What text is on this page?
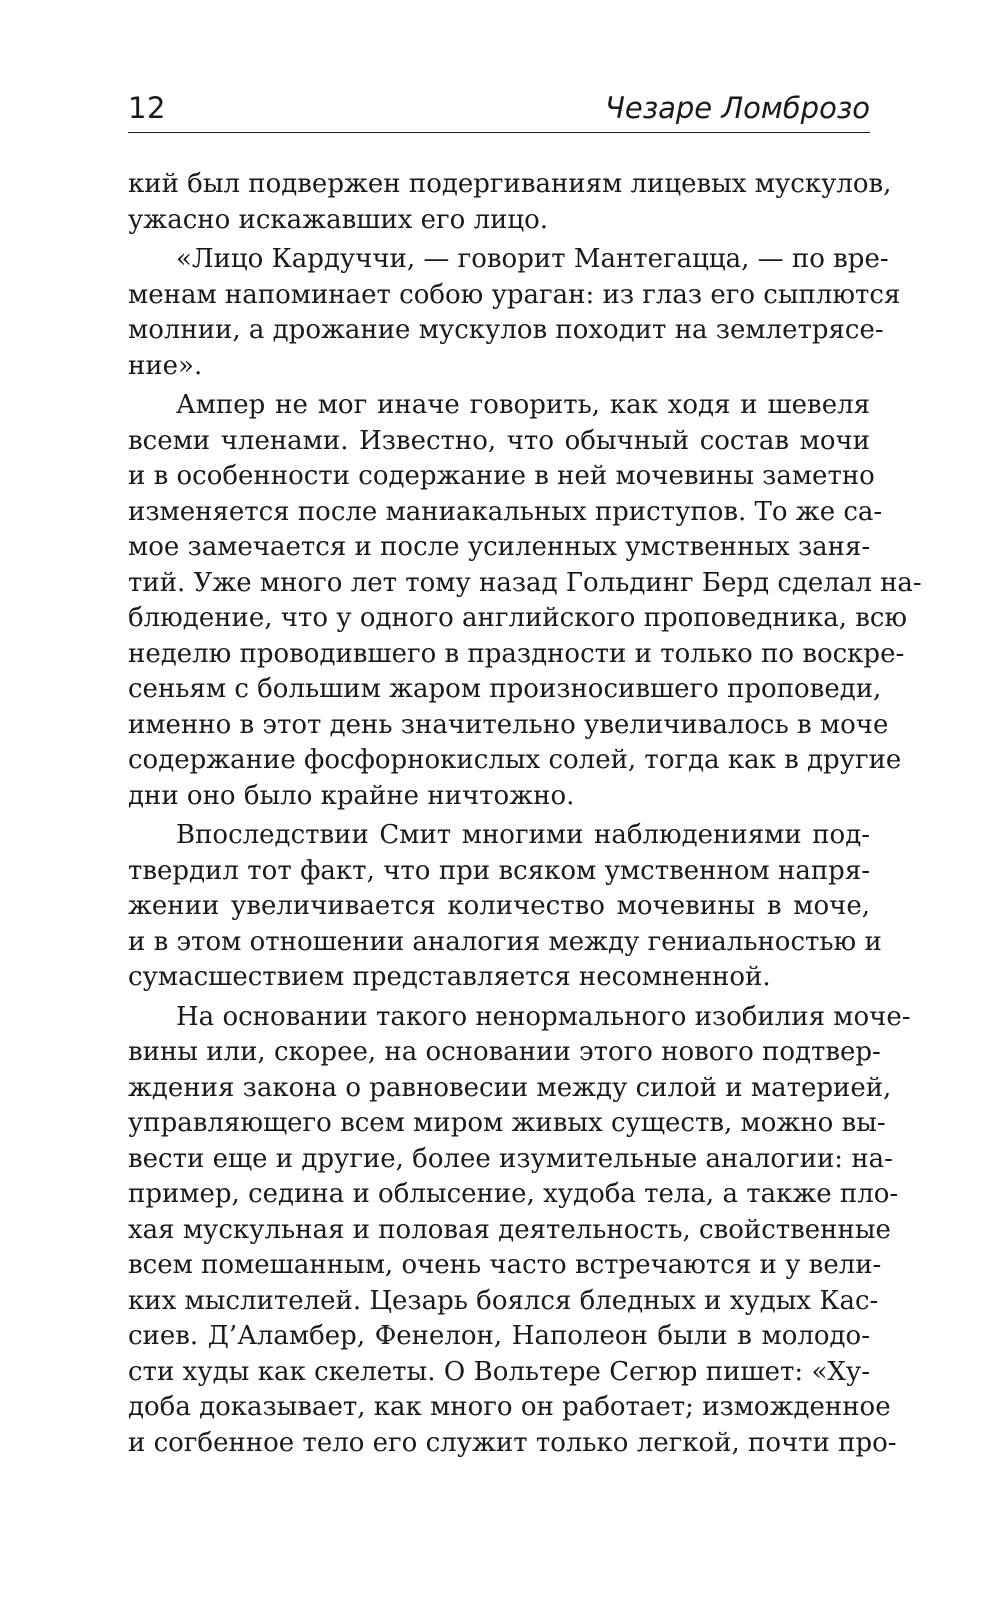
12	Чезаре Ломброзо
кий был подвержен подергиваниям лицевых мускулов,
ужасно искажавших его лицо.
«Лицо Кардуччи, — говорит Мантегацца, — по вре-
менам напоминает собою ураган: из глаз его сыплются
молнии, а дрожание мускулов походит на землетрясе-
ние».
Ампер не мог иначе говорить, как ходя и шевеля
всеми членами. Известно, что обычный состав мочи
и в особенности содержание в ней мочевины заметно
изменяется после маниакальных приступов. То же са-
мое замечается и после усиленных умственных заня-
тий. Уже много лет тому назад Гольдинг Берд сделал на-
блюдение, что у одного английского проповедника, всю
неделю проводившего в праздности и только по воскре-
сеньям с большим жаром произносившего проповеди,
именно в этот день значительно увеличивалось в моче
содержание фосфорнокислых солей, тогда как в другие
дни оно было крайне ничтожно.
Впоследствии Смит многими наблюдениями под-
твердил тот факт, что при всяком умственном напря-
жении увеличивается количество мочевины в моче,
и в этом отношении аналогия между гениальностью и
сумасшествием представляется несомненной.
На основании такого ненормального изобилия моче-
вины или, скорее, на основании этого нового подтвер-
ждения закона о равновесии между силой и материей,
управляющего всем миром живых существ, можно вы-
вести еще и другие, более изумительные аналогии: на-
пример, седина и облысение, худоба тела, а также пло-
хая мускульная и половая деятельность, свойственные
всем помешанным, очень часто встречаются и у вели-
ких мыслителей. Цезарь боялся бледных и худых Кас-
сиев. Д’Аламбер, Фенелон, Наполеон были в молодо-
сти худы как скелеты. О Вольтере Сегюр пишет: «Ху-
доба доказывает, как много он работает; изможденное
и согбенное тело его служит только легкой, почти про-
